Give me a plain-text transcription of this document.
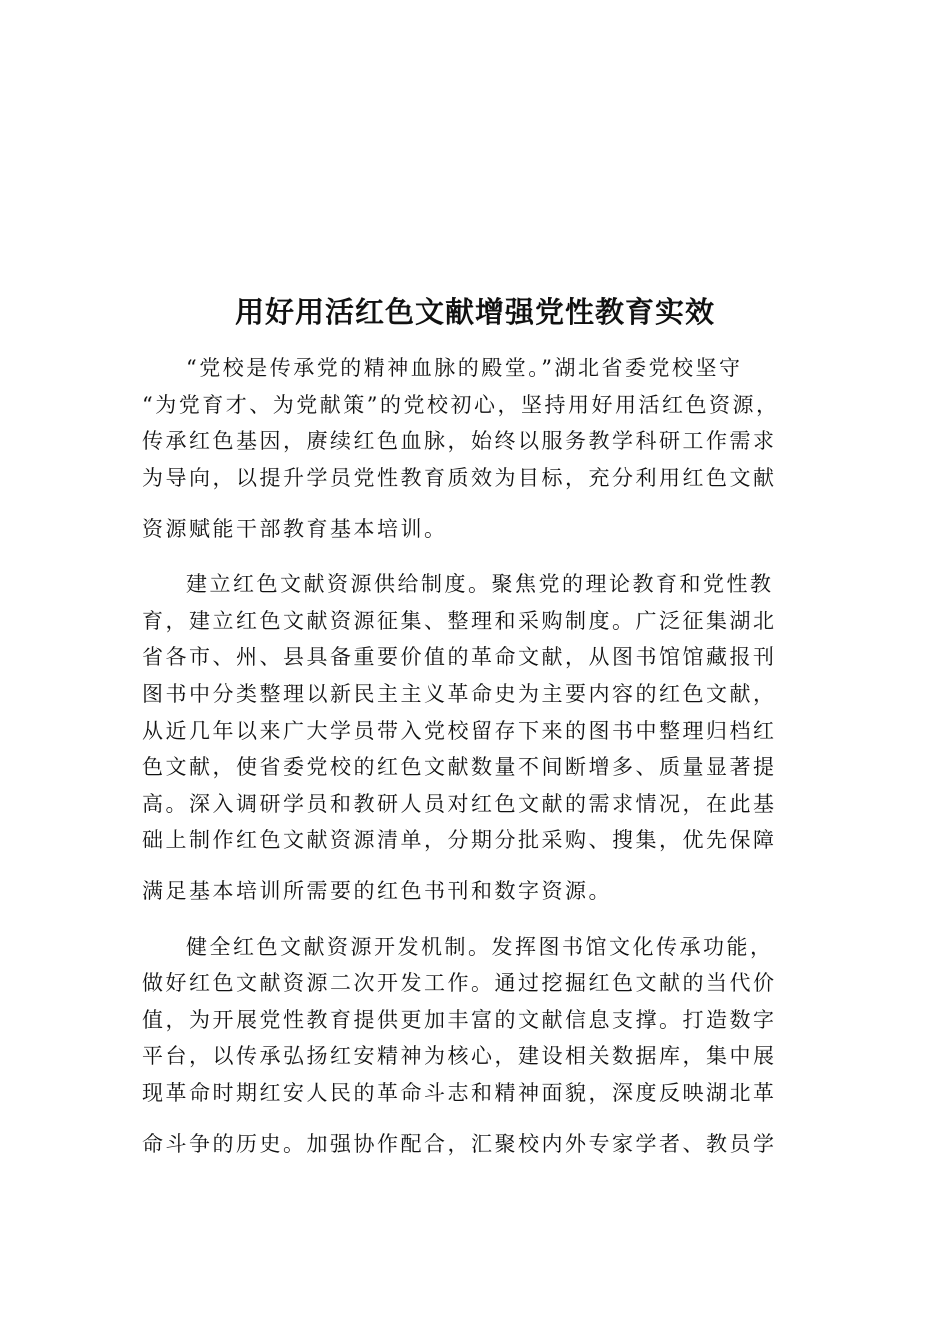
用好用活红色文献增强党性教育实效
“党校是传承党的精神血脉的殿堂。”湖北省委党校坚守
“为党育才、为党献策”的党校初心，坚持用好用活红色资源，
传承红色基因，赓续红色血脉，始终以服务教学科研工作需求
为导向，以提升学员党性教育质效为目标，充分利用红色文献
资源赋能干部教育基本培训。
建立红色文献资源供给制度。聚焦党的理论教育和党性教
育，建立红色文献资源征集、整理和采购制度。广泛征集湖北
省各市、州、县具备重要价值的革命文献，从图书馆馆藏报刊
图书中分类整理以新民主主义革命史为主要内容的红色文献，
从近几年以来广大学员带入党校留存下来的图书中整理归档红
色文献，使省委党校的红色文献数量不间断增多、质量显著提
高。深入调研学员和教研人员对红色文献的需求情况，在此基
础上制作红色文献资源清单，分期分批采购、搜集，优先保障
满足基本培训所需要的红色书刊和数字资源。
健全红色文献资源开发机制。发挥图书馆文化传承功能，
做好红色文献资源二次开发工作。通过挖掘红色文献的当代价
值，为开展党性教育提供更加丰富的文献信息支撑。打造数字
平台，以传承弘扬红安精神为核心，建设相关数据库，集中展
现革命时期红安人民的革命斗志和精神面貌，深度反映湖北革
命斗争的历史。加强协作配合，汇聚校内外专家学者、教员学
